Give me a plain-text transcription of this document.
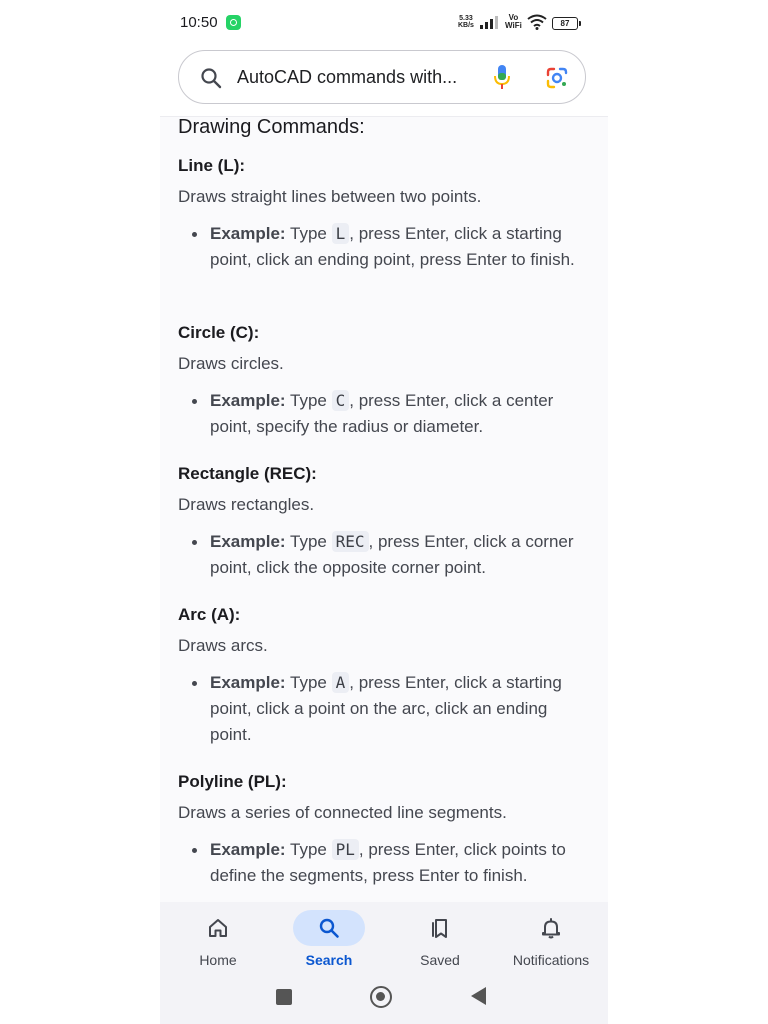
10:50	5.33
KB/s
Vo
WiFi	87
AutoCAD commands with...
Drawing Commands:
Line (L):
Draws straight lines between two points.
Example: Type L , press Enter, click a starting point, click an ending point, press Enter to finish.
Circle (C):
Draws circles.
Example: Type C , press Enter, click a center point, specify the radius or diameter.
Rectangle (REC):
Draws rectangles.
Example: Type REC , press Enter, click a corner point, click the opposite corner point.
Arc (A):
Draws arcs.
Example: Type A , press Enter, click a starting point, click a point on the arc, click an ending point.
Polyline (PL):
Draws a series of connected line segments.
Example: Type PL , press Enter, click points to define the segments, press Enter to finish.
Home	Search	Saved	Notifications
